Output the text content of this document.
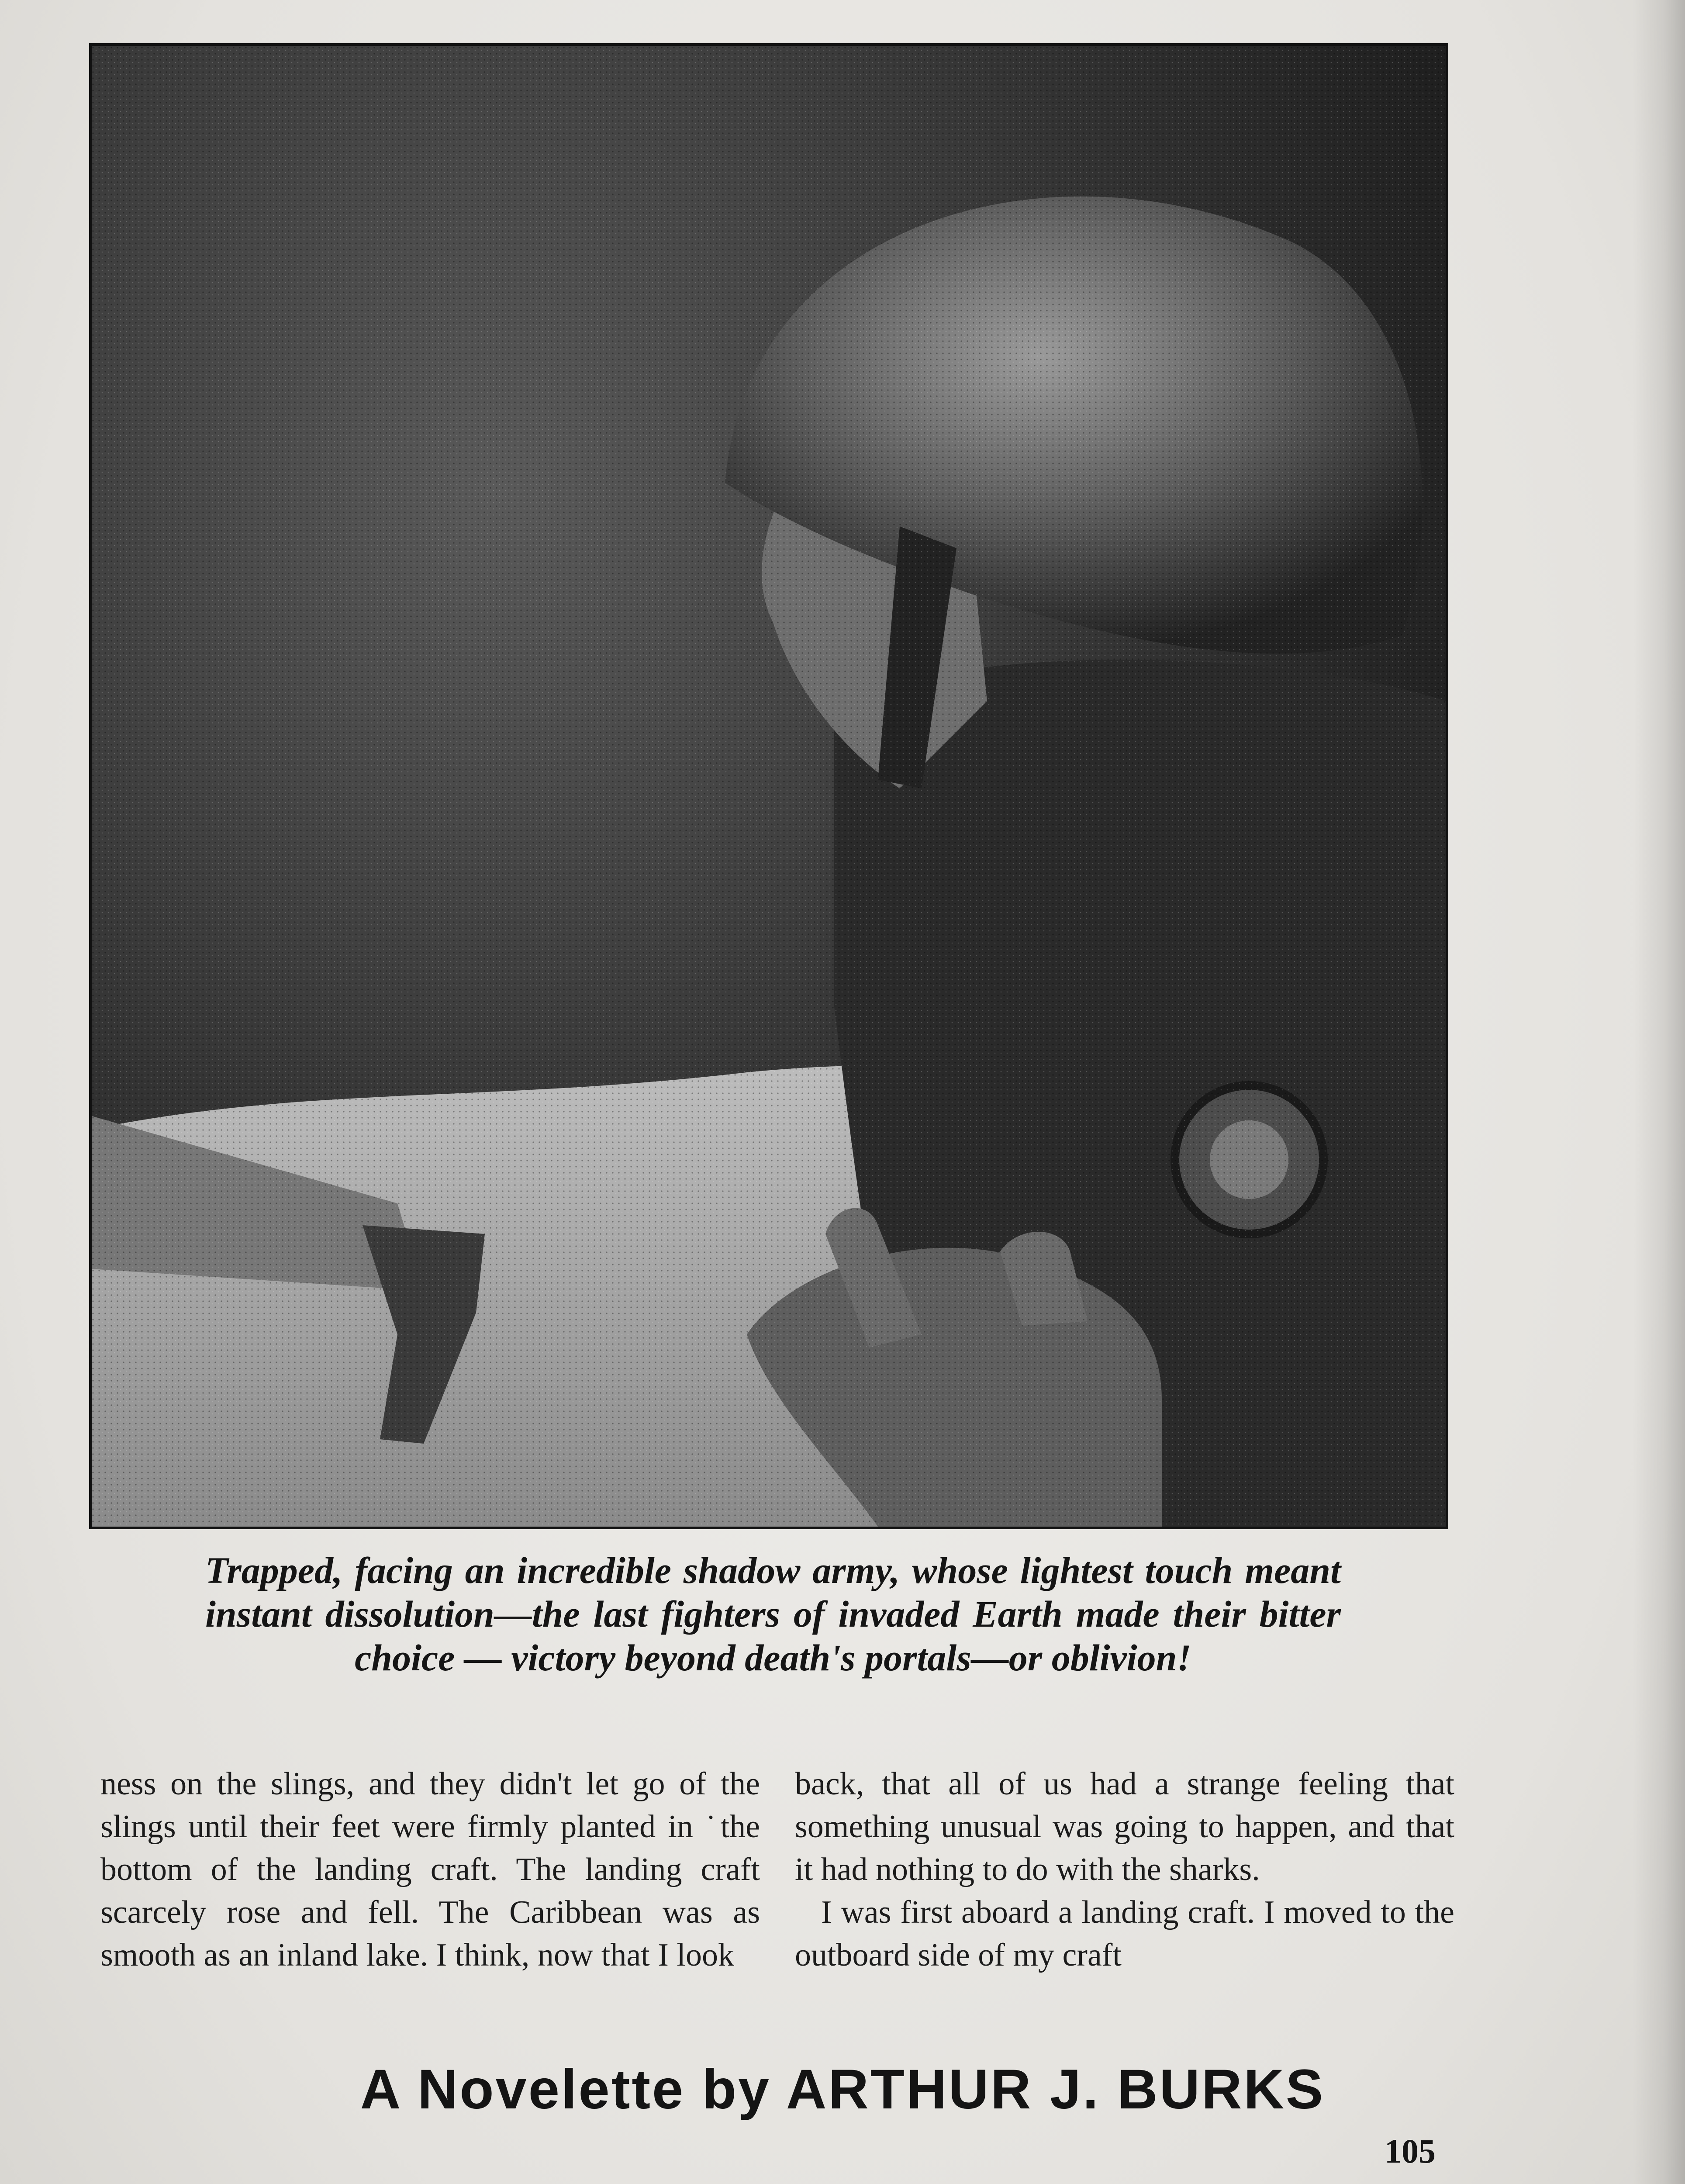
Trapped, facing an incredible shadow army, whose lightest touch meant instant dissolution—the last fighters of invaded Earth made their bitter choice — victory beyond death's portals—or oblivion!

ness on the slings, and they didn't let go of the slings until their feet were firmly planted in ˙the bottom of the landing craft. The landing craft scarcely rose and fell. The Caribbean was as smooth as an inland lake. I think, now that I look

back, that all of us had a strange feeling that something unusual was going to happen, and that it had nothing to do with the sharks.

I was first aboard a landing craft. I moved to the outboard side of my craft

A Novelette by ARTHUR J. BURKS
105
